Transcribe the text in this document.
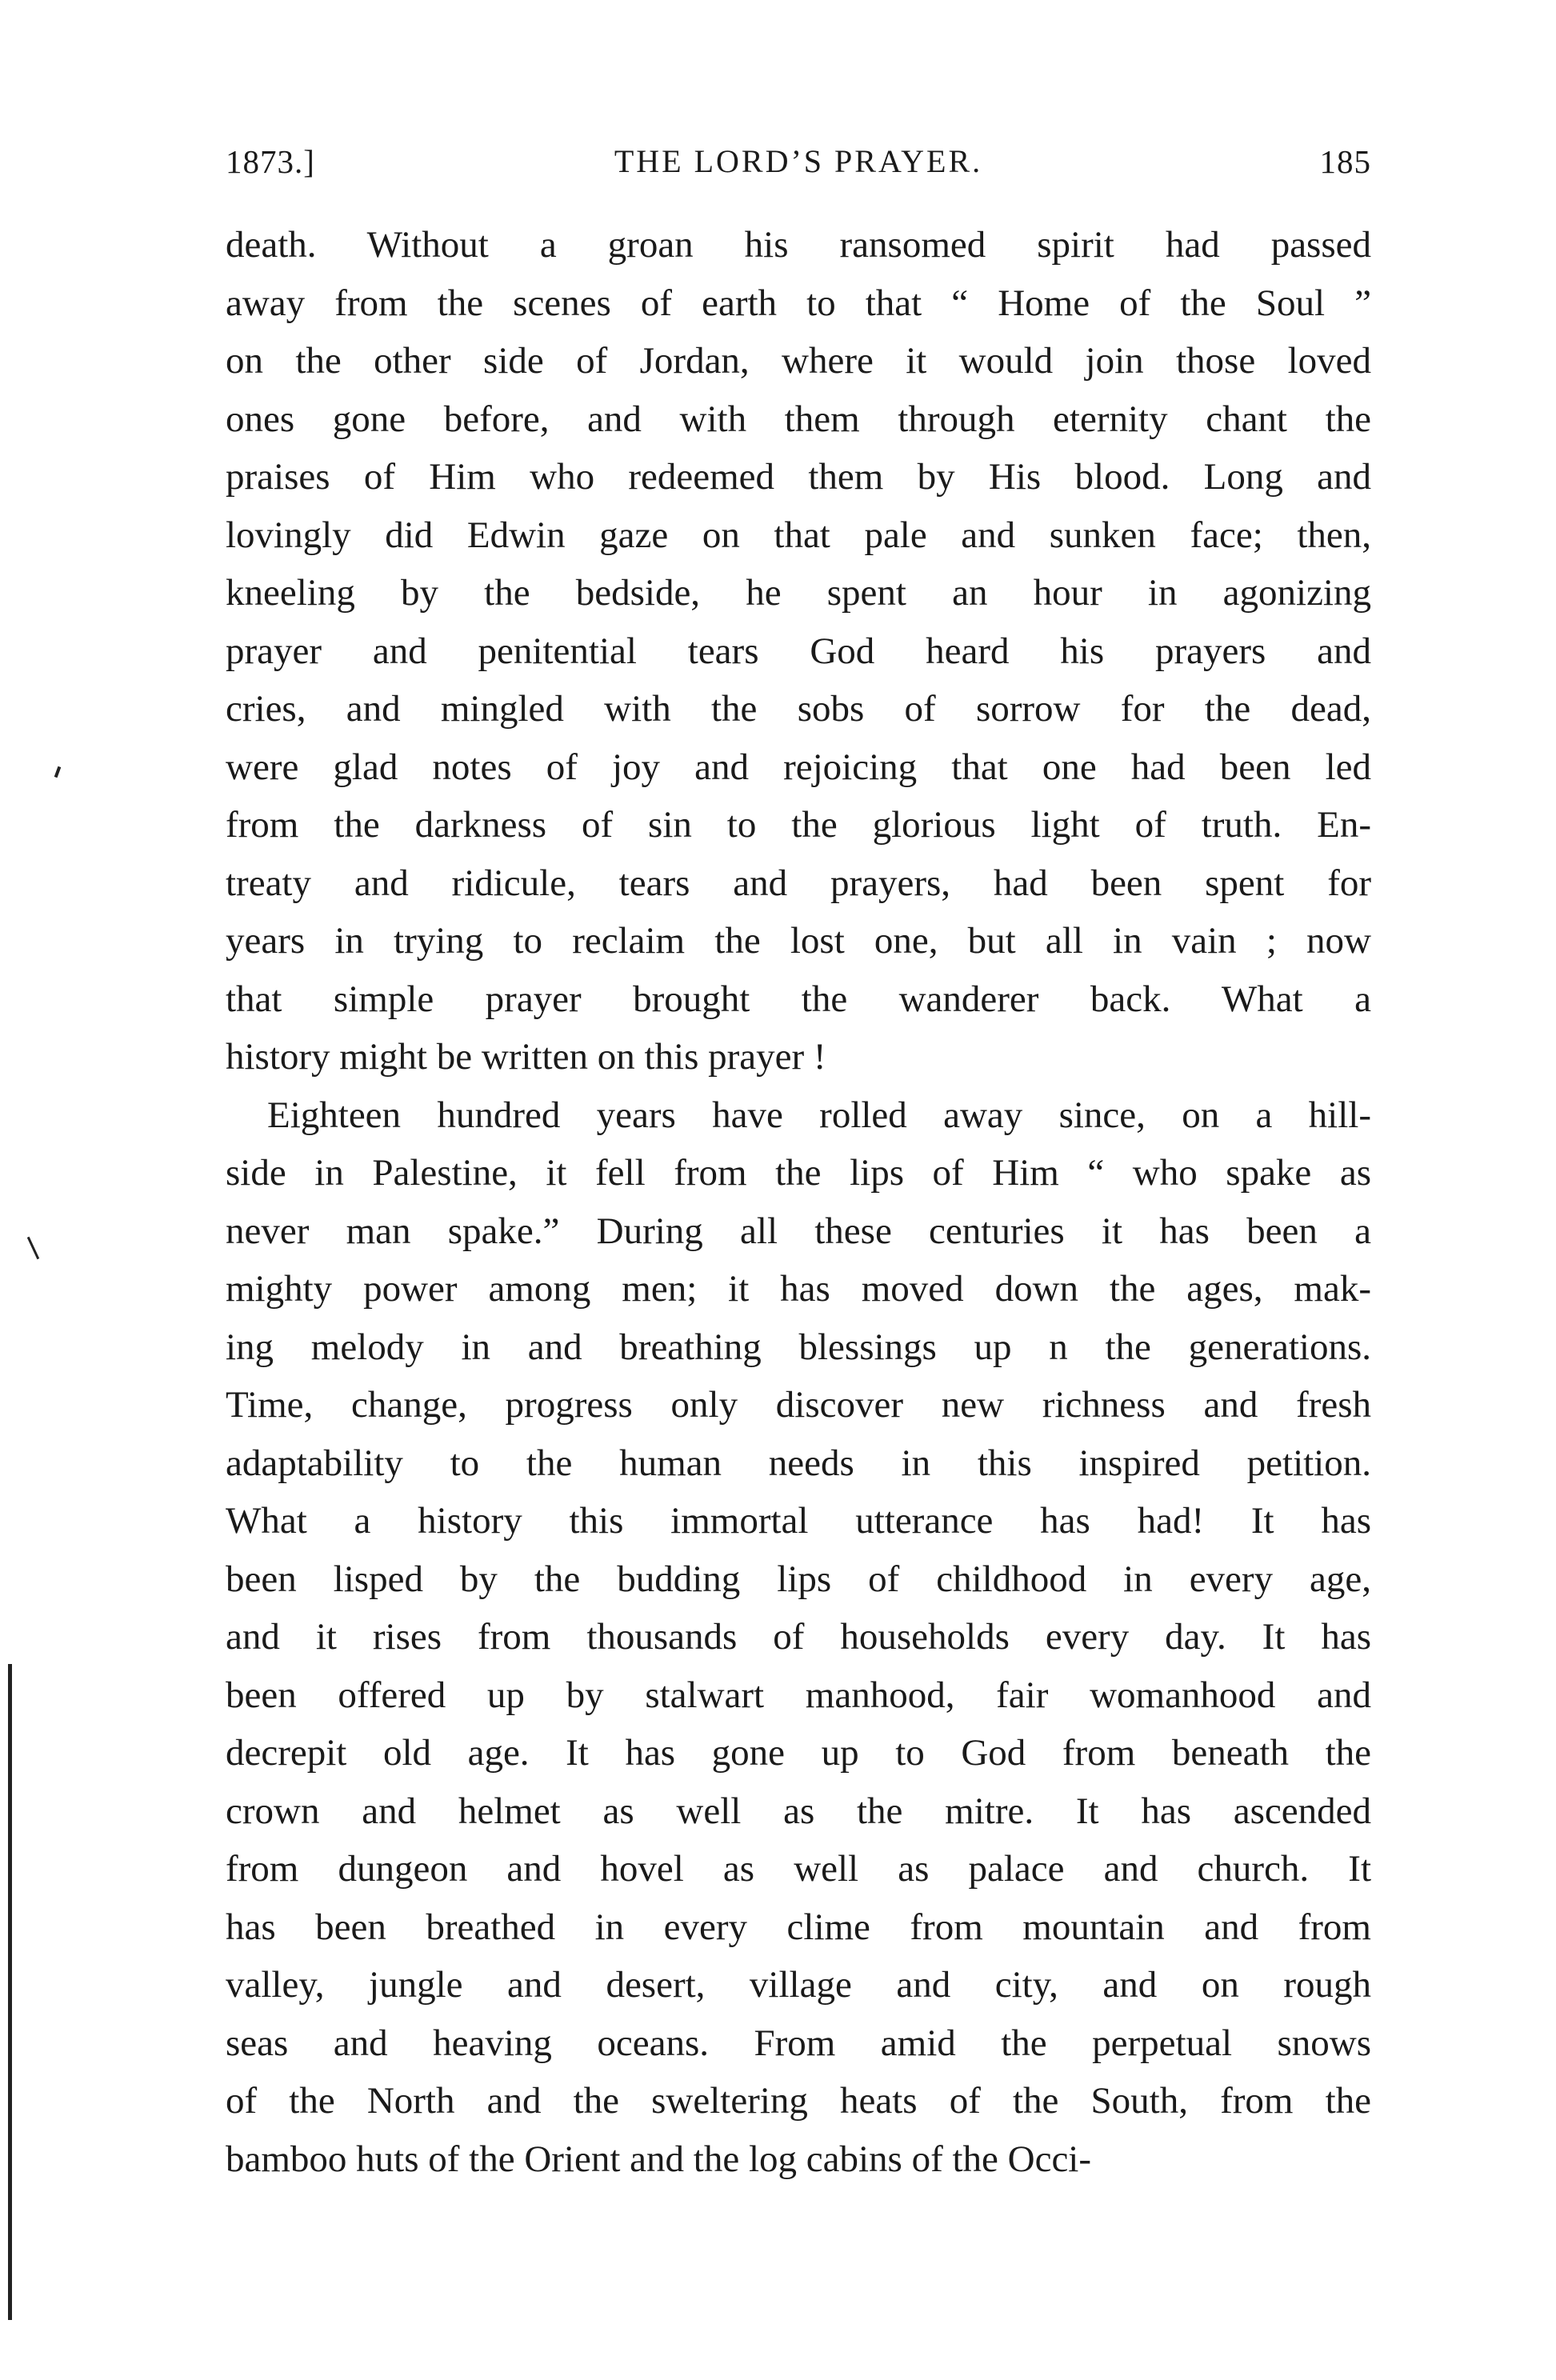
1873.]	THE LORD’S PRAYER.	185
death. Without a groan his ransomed spirit had passed
away from the scenes of earth to that “ Home of the Soul ”
on the other side of Jordan, where it would join those loved
ones gone before, and with them through eternity chant the
praises of Him who redeemed them by His blood. Long and
lovingly did Edwin gaze on that pale and sunken face; then,
kneeling by the bedside, he spent an hour in agonizing
prayer and penitential tears God heard his prayers and
cries, and mingled with the sobs of sorrow for the dead,
were glad notes of joy and rejoicing that one had been led
from the darkness of sin to the glorious light of truth. En-
treaty and ridicule, tears and prayers, had been spent for
years in trying to reclaim the lost one, but all in vain ; now
that simple prayer brought the wanderer back. What a
history might be written on this prayer !
Eighteen hundred years have rolled away since, on a hill-
side in Palestine, it fell from the lips of Him “ who spake as
never man spake.” During all these centuries it has been a
mighty power among men; it has moved down the ages, mak-
ing melody in and breathing blessings up n the generations.
Time, change, progress only discover new richness and fresh
adaptability to the human needs in this inspired petition.
What a history this immortal utterance has had! It has
been lisped by the budding lips of childhood in every age,
and it rises from thousands of households every day. It has
been offered up by stalwart manhood, fair womanhood and
decrepit old age. It has gone up to God from beneath the
crown and helmet as well as the mitre. It has ascended
from dungeon and hovel as well as palace and church. It
has been breathed in every clime from mountain and from
valley, jungle and desert, village and city, and on rough
seas and heaving oceans. From amid the perpetual snows
of the North and the sweltering heats of the South, from the
bamboo huts of the Orient and the log cabins of the Occi-
